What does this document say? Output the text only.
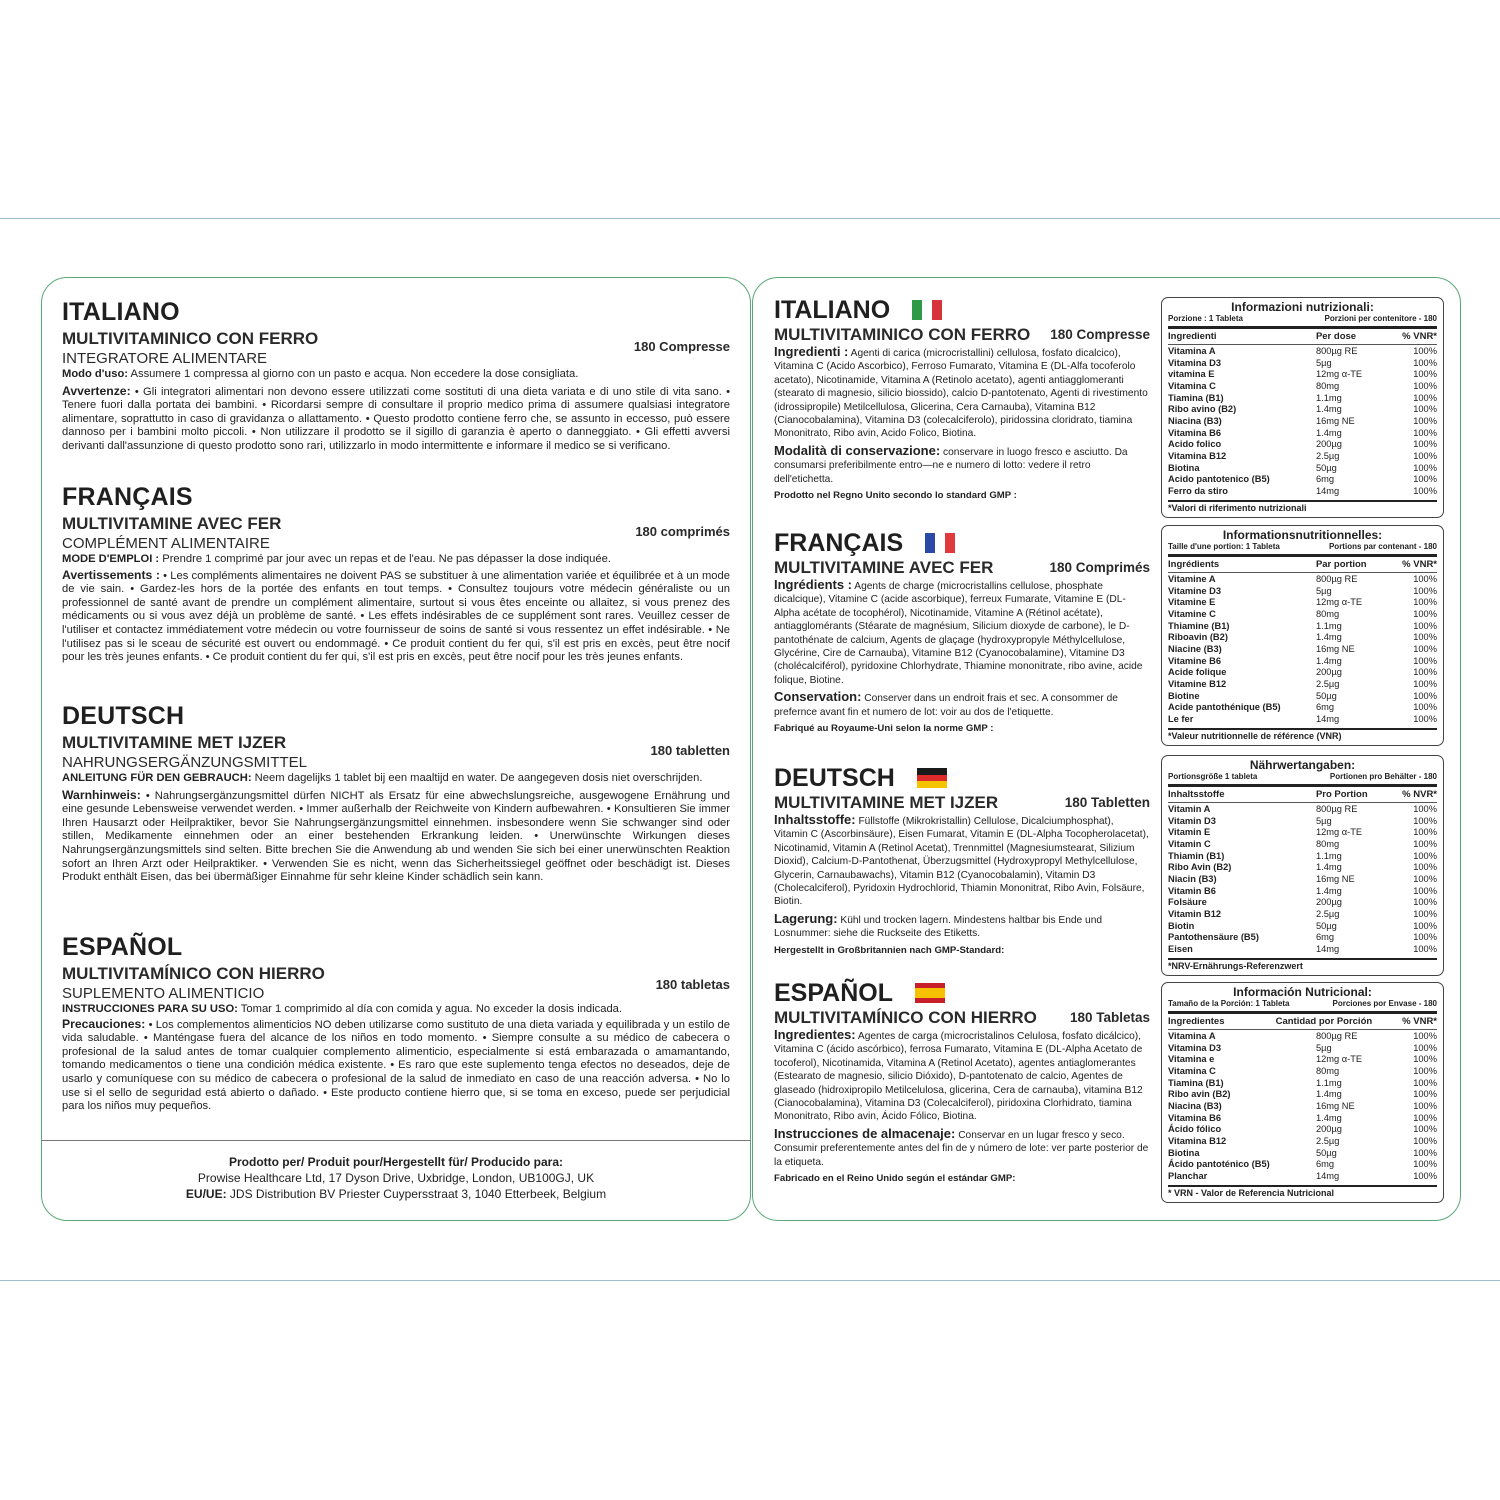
ITALIANO
MULTIVITAMINICO CON FERRO	180 Compresse
INTEGRATORE ALIMENTARE
Modo d'uso: Assumere 1 compressa al giorno con un pasto e acqua. Non eccedere la dose consigliata.
Avvertenze: • Gli integratori alimentari non devono essere utilizzati come sostituti di una dieta variata e di uno stile di vita sano. • Tenere fuori dalla portata dei bambini. • Ricordarsi sempre di consultare il proprio medico prima di assumere qualsiasi integratore alimentare, soprattutto in caso di gravidanza o allattamento. • Questo prodotto contiene ferro che, se assunto in eccesso, può essere dannoso per i bambini molto piccoli. • Non utilizzare il prodotto se il sigillo di garanzia è aperto o danneggiato. • Gli effetti avversi derivanti dall'assunzione di questo prodotto sono rari, utilizzarlo in modo intermittente e informare il medico se si verificano.
FRANÇAIS
MULTIVITAMINE AVEC FER	180 comprimés
COMPLÉMENT ALIMENTAIRE
MODE D'EMPLOI : Prendre 1 comprimé par jour avec un repas et de l'eau. Ne pas dépasser la dose indiquée.
Avertissements : • Les compléments alimentaires ne doivent PAS se substituer à une alimentation variée et équilibrée et à un mode de vie sain. • Gardez-les hors de la portée des enfants en tout temps. • Consultez toujours votre médecin généraliste ou un professionnel de santé avant de prendre un complément alimentaire, surtout si vous êtes enceinte ou allaitez, si vous prenez des médicaments ou si vous avez déjà un problème de santé. • Les effets indésirables de ce supplément sont rares. Veuillez cesser de l'utiliser et contactez immédiatement votre médecin ou votre fournisseur de soins de santé si vous ressentez un effet indésirable. • Ne l'utilisez pas si le sceau de sécurité est ouvert ou endommagé. • Ce produit contient du fer qui, s'il est pris en excès, peut être nocif pour les très jeunes enfants. • Ce produit contient du fer qui, s'il est pris en excès, peut être nocif pour les très jeunes enfants.
DEUTSCH
MULTIVITAMINE MET IJZER	180 tabletten
NAHRUNGSERGÄNZUNGSMITTEL
ANLEITUNG FÜR DEN GEBRAUCH: Neem dagelijks 1 tablet bij een maaltijd en water. De aangegeven dosis niet overschrijden.
Warnhinweis: • Nahrungsergänzungsmittel dürfen NICHT als Ersatz für eine abwechslungsreiche, ausgewogene Ernährung und eine gesunde Lebensweise verwendet werden. • Immer außerhalb der Reichweite von Kindern aufbewahren. • Konsultieren Sie immer Ihren Hausarzt oder Heilpraktiker, bevor Sie Nahrungsergänzungsmittel einnehmen. insbesondere wenn Sie schwanger sind oder stillen, Medikamente einnehmen oder an einer bestehenden Erkrankung leiden. • Unerwünschte Wirkungen dieses Nahrungsergänzungsmittels sind selten. Bitte brechen Sie die Anwendung ab und wenden Sie sich bei einer unerwünschten Reaktion sofort an Ihren Arzt oder Heilpraktiker. • Verwenden Sie es nicht, wenn das Sicherheitssiegel geöffnet oder beschädigt ist. Dieses Produkt enthält Eisen, das bei übermäßiger Einnahme für sehr kleine Kinder schädlich sein kann.
ESPAÑOL
MULTIVITAMÍNICO CON HIERRO
180 tabletas
SUPLEMENTO ALIMENTICIO
INSTRUCCIONES PARA SU USO: Tomar 1 comprimido al día con comida y agua. No exceder la dosis indicada.
Precauciones: • Los complementos alimenticios NO deben utilizarse como sustituto de una dieta variada y equilibrada y un estilo de vida saludable. • Manténgase fuera del alcance de los niños en todo momento. • Siempre consulte a su médico de cabecera o profesional de la salud antes de tomar cualquier complemento alimenticio, especialmente si está embarazada o amamantando, tomando medicamentos o tiene una condición médica existente. • Es raro que este suplemento tenga efectos no deseados, deje de usarlo y comuníquese con su médico de cabecera o profesional de la salud de inmediato en caso de una reacción adversa. • No lo use si el sello de seguridad está abierto o dañado. • Este producto contiene hierro que, si se toma en exceso, puede ser perjudicial para los niños muy pequeños.
Prodotto per/ Produit pour/Hergestellt für/ Producido para:
Prowise Healthcare Ltd, 17 Dyson Drive, Uxbridge, London, UB100GJ, UK
EU/UE: JDS Distribution BV Priester Cuypersstraat 3, 1040 Etterbeek, Belgium
ITALIANO
MULTIVITAMINICO CON FERRO 180 Compresse
Ingredienti : Agenti di carica (microcristallini) cellulosa, fosfato dicalcico), Vitamina C (Acido Ascorbico), Ferroso Fumarato, Vitamina E (DL-Alfa tocoferolo acetato), Nicotinamide, Vitamina A (Retinolo acetato), agenti antiagglomeranti (stearato di magnesio, silicio biossido), calcio D-pantotenato, Agenti di rivestimento (idrossipropile) Metilcellulosa, Glicerina, Cera Carnauba), Vitamina B12 (Cianocobalamina), Vitamina D3 (colecalciferolo), piridossina cloridrato, tiamina Mononitrato, Ribo avin, Acido Folico, Biotina.
Modalità di conservazione: conservare in luogo fresco e asciutto. Da consumarsi preferibilmente entro—ne e numero di lotto: vedere il retro dell'etichetta.
Prodotto nel Regno Unito secondo lo standard GMP :
Informazioni nutrizionali:
Porzione : 1 Tableta	Porzioni per contenitore - 180
Ingredienti	Per dose	% VNR*
Vitamina A	800µg RE	100%
Vitamina D3	5µg	100%
vitamina E	12mg α-TE	100%
Vitamina C	80mg	100%
Tiamina (B1)	1.1mg	100%
Ribo avino (B2)	1.4mg	100%
Niacina (B3)	16mg NE	100%
Vitamina B6	1.4mg	100%
Acido folico	200µg	100%
Vitamina B12	2.5µg	100%
Biotina	50µg	100%
Acido pantotenico (B5)	6mg	100%
Ferro da stiro	14mg	100%
*Valori di riferimento nutrizionali
FRANÇAIS
MULTIVITAMINE AVEC FER	180 Comprimés
Ingrédients : Agents de charge (microcristallins cellulose, phosphate dicalcique), Vitamine C (acide ascorbique), ferreux Fumarate, Vitamine E (DL-Alpha acétate de tocophérol), Nicotinamide, Vitamine A (Rétinol acétate), antiagglomérants (Stéarate de magnésium, Silicium dioxyde de carbone), le D-pantothénate de calcium, Agents de glaçage (hydroxypropyle Méthylcellulose, Glycérine, Cire de Carnauba), Vitamine B12 (Cyanocobalamine), Vitamine D3 (cholécalciférol), pyridoxine Chlorhydrate, Thiamine mononitrate, ribo avine, acide folique, Biotine.
Conservation: Conserver dans un endroit frais et sec. A consommer de preferncе avant fin et numero de lot: voir au dos de l'etiquette.
Fabriqué au Royaume-Uni selon la norme GMP :
Informationsnutritionnelles:
Taille d'une portion: 1 Tableta	Portions par contenant - 180
Ingrédients	Par portion	% VNR*
Vitamine A	800µg RE	100%
Vitamine D3	5µg	100%
Vitamine E	12mg α-TE	100%
Vitamine C	80mg	100%
Thiamine (B1)	1.1mg	100%
Riboavin (B2)	1.4mg	100%
Niacine (B3)	16mg NE	100%
Vitamine B6	1.4mg	100%
Acide folique	200µg	100%
Vitamine B12	2.5µg	100%
Biotine	50µg	100%
Acide pantothénique (B5)	6mg	100%
Le fer	14mg	100%
*Valeur nutritionnelle de référence (VNR)
DEUTSCH
MULTIVITAMINE MET IJZER	180 Tabletten
Inhaltsstoffe: Füllstoffe (Mikrokristallin) Cellulose, Dicalciumphosphat), Vitamin C (Ascorbinsäure), Eisen Fumarat, Vitamin E (DL-Alpha Tocopherolacetat), Nicotinamid, Vitamin A (Retinol Acetat), Trennmittel (Magnesiumstearat, Silizium Dioxid), Calcium-D-Pantothenat, Überzugsmittel (Hydroxypropyl Methylcellulose, Glycerin, Carnaubawachs), Vitamin B12 (Cyanocobalamin), Vitamin D3 (Cholecalciferol), Pyridoxin Hydrochlorid, Thiamin Mononitrat, Ribo Avin, Folsäure, Biotin.
Lagerung: Kühl und trocken lagern. Mindestens haltbar bis Ende und Losnummer: siehe die Ruckseite des Etiketts.
Hergestellt in Großbritannien nach GMP-Standard:
Nährwertangaben:
Portionsgröße 1 tableta	Portionen pro Behälter - 180
Inhaltsstoffe	Pro Portion	% NVR*
Vitamin A	800µg RE	100%
Vitamin D3	5µg	100%
Vitamin E	12mg α-TE	100%
Vitamin C	80mg	100%
Thiamin (B1)	1.1mg	100%
Ribo Avin (B2)	1.4mg	100%
Niacin (B3)	16mg NE	100%
Vitamin B6	1.4mg	100%
Folsäure	200µg	100%
Vitamin B12	2.5µg	100%
Biotin	50µg	100%
Pantothensäure (B5)	6mg	100%
Eisen	14mg	100%
*NRV-Ernährungs-Referenzwert
ESPAÑOL
MULTIVITAMÍNICO CON HIERRO 180 Tabletas
Ingredientes: Agentes de carga (microcristalinos Celulosa, fosfato dicálcico), Vitamina C (ácido ascórbico), ferrosa Fumarato, Vitamina E (DL-Alpha Acetato de tocoferol), Nicotinamida, Vitamina A (Retinol Acetato), agentes antiaglomerantes (Estearato de magnesio, silicio Dióxido), D-pantotenato de calcio, Agentes de glaseado (hidroxipropilo Metilcelulosa, glicerina, Cera de carnauba), vitamina B12 (Cianocobalamina), Vitamina D3 (Colecalciferol), piridoxina Clorhidrato, tiamina Mononitrato, Ribo avin, Ácido Fólico, Biotina.
Instrucciones de almacenaje: Conservar en un lugar fresco y seco. Consumir preferentemente antes del fin de y número de lote: ver parte posterior de la etiqueta.
Fabricado en el Reino Unido según el estándar GMP:
Información Nutricional:
Tamaño de la Porción: 1 Tableta	Porciones por Envase - 180
Ingredientes	Cantidad por Porción	% VNR*
Vitamina A	800µg RE	100%
Vitamina D3	5µg	100%
Vitamina e	12mg α-TE	100%
Vitamina C	80mg	100%
Tiamina (B1)	1.1mg	100%
Ribo avin (B2)	1.4mg	100%
Niacina (B3)	16mg NE	100%
Vitamina B6	1.4mg	100%
Ácido fólico	200µg	100%
Vitamina B12	2.5µg	100%
Biotina	50µg	100%
Ácido pantoténico (B5)	6mg	100%
Planchar	14mg	100%
* VRN - Valor de Referencia Nutricional
